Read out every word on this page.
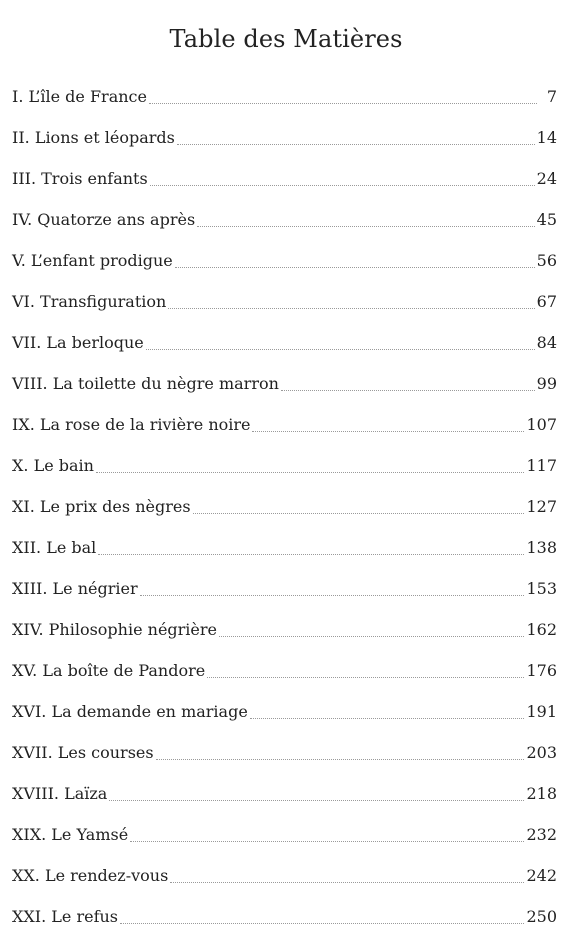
Table des Matières
I. L’île de France	7
II. Lions et léopards	14
III. Trois enfants	24
IV. Quatorze ans après	45
V. L’enfant prodigue	56
VI. Transfiguration	67
VII. La berloque	84
VIII. La toilette du nègre marron	99
IX. La rose de la rivière noire	107
X. Le bain	117
XI. Le prix des nègres	127
XII. Le bal	138
XIII. Le négrier	153
XIV. Philosophie négrière	162
XV. La boîte de Pandore	176
XVI. La demande en mariage	191
XVII. Les courses	203
XVIII. Laïza	218
XIX. Le Yamsé	232
XX. Le rendez-vous	242
XXI. Le refus	250
